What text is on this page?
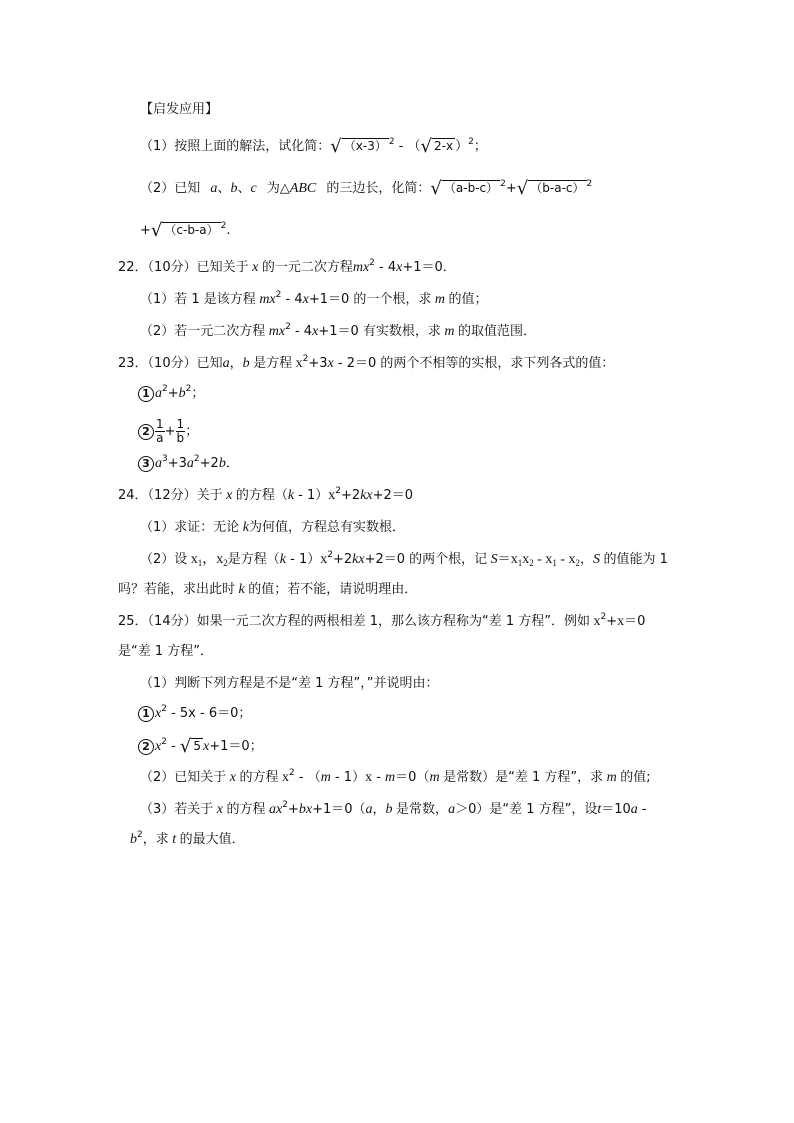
【启发应用】
（1）按照上面的解法，试化简：√ （x-3） $^2$ - （√ 2-x ）$^2$；
（2）已知 a、b、c 为△ABC 的三边长，化简：√ （a-b-c） $^2$+√ （b-a-c） $^2$
+√ （c-b-a） $^2$.
22．（10分）已知关于 x 的一元二次方程$mx^2 - 4x+1=0$．
（1）若 1 是该方程 $mx^2 - 4x+1=0$ 的一个根，求 m 的值；
（2）若一元二次方程 $mx^2 - 4x+1=0$ 有实数根，求 m 的取值范围．
23．（10分）已知a，b 是方程 $x^2+3x - 2=0$ 的两个不相等的实根，求下列各式的值：
1 $a^2+b^2$；
$2 \frac{1}{a} + \frac{1}{b}$ ；
3 $a^3+3a^2+2b$．
24．（12分）关于 x 的方程$(k - 1)x^2+2kx+2=0$
（1）求证：无论 k为何值，方程总有实数根．
（2）设 $x_1$，$x_2$是方程$(k - 1)x^2+2kx+2=0$ 的两个根，记 $S=x_1x_2 - x_1 - x_2$，S 的值能为 1
吗？若能，求出此时 k 的值；若不能，请说明理由．
25．（14分）如果一元二次方程的两根相差 1，那么该方程称为“差 1 方程”．例如 $x^2+x=0$
是“差 1 方程”．
（1）判断下列方程是不是“差 1 方程”，”并说明由：
1 $x^2 - 5x - 6=0$；
2 $x^2$ - √ 5 x+1＝0；
（2）已知关于 x 的方程 $x^2 - (m - 1)x - m=0(m$ 是常数）是“差 1 方程”，求 m 的值;
（3）若关于 x 的方程 $ax^2+bx+1=0(a$，b 是常数，a＞0）是“差 1 方程”，设t＝10a -
$b^2$，求 t 的最大值．
